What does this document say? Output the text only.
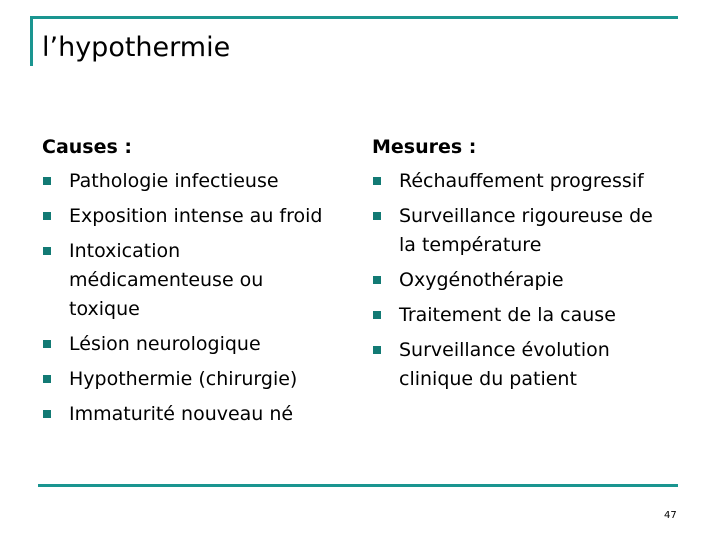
l’hypothermie
Causes :
Pathologie infectieuse
Exposition intense au froid
Intoxication médicamenteuse ou toxique
Lésion neurologique
Hypothermie (chirurgie)
Immaturité nouveau né
Mesures :
Réchauffement progressif
Surveillance rigoureuse de la température
Oxygénothérapie
Traitement de la cause
Surveillance évolution clinique du patient
47
